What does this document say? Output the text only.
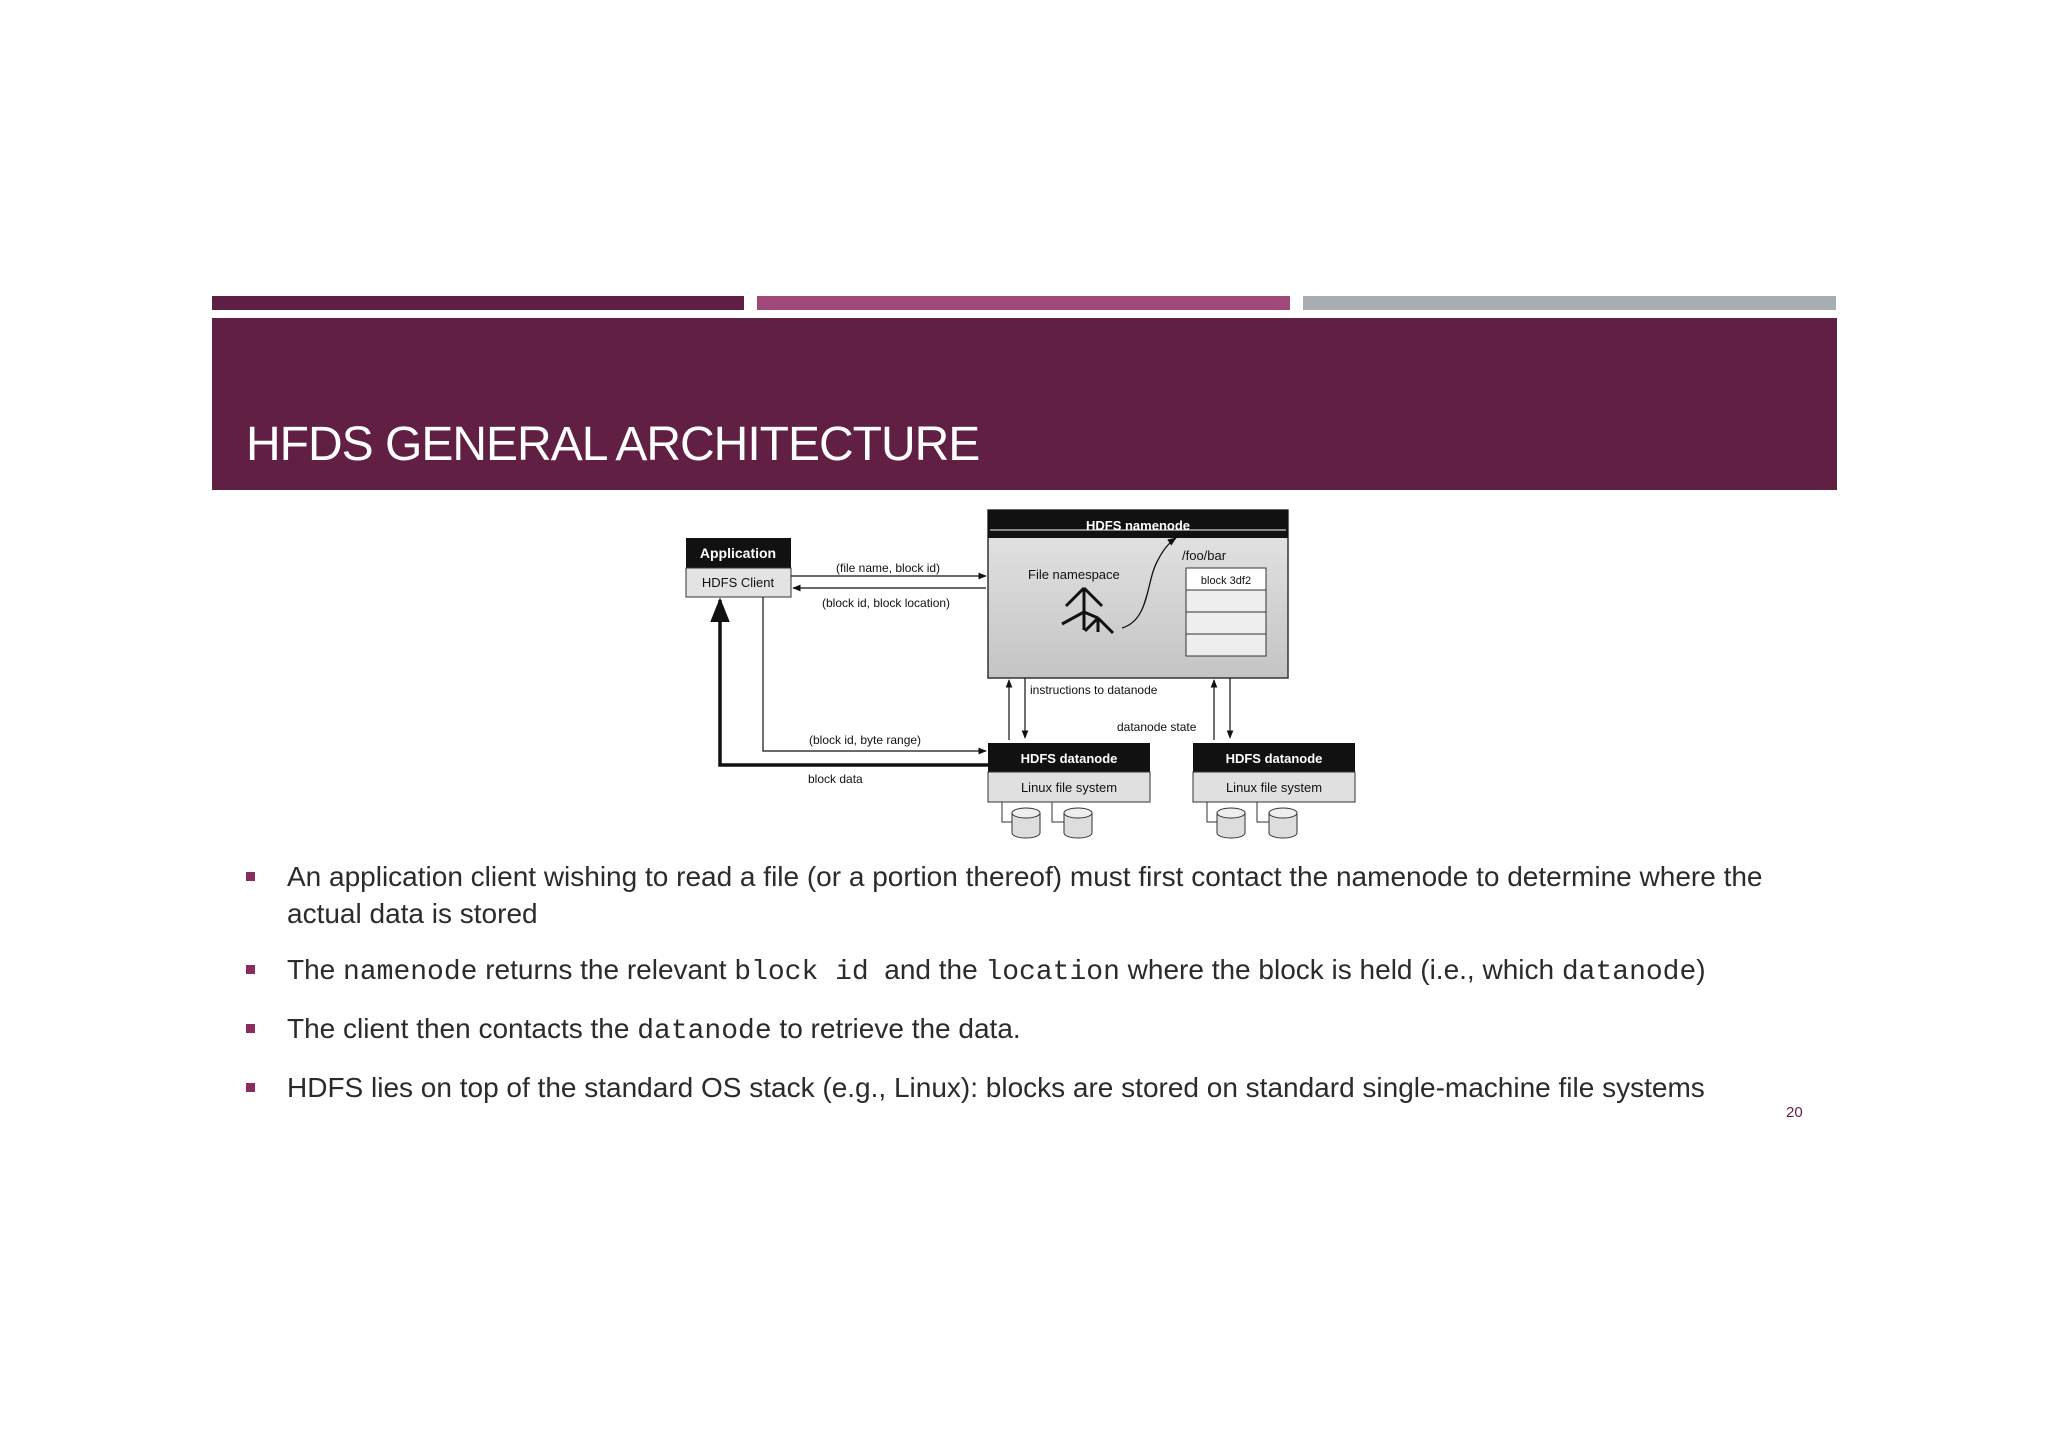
HFDS GENERAL ARCHITECTURE
Application
HDFS Client
HDFS namenode
File namespace
/foo/bar
block 3df2
(file name, block id)
(block id, block location)
instructions to datanode
datanode state
(block id, byte range)
block data
HDFS datanode
Linux file system
HDFS datanode
Linux file system
An application client wishing to read a file (or a portion thereof) must first contact the namenode to determine where the actual data is stored
The namenode returns the relevant block id  and the location where the block is held (i.e., which datanode)
The client then contacts the datanode to retrieve the data.
HDFS lies on top of the standard OS stack (e.g., Linux): blocks are stored on standard single-machine file systems
20
